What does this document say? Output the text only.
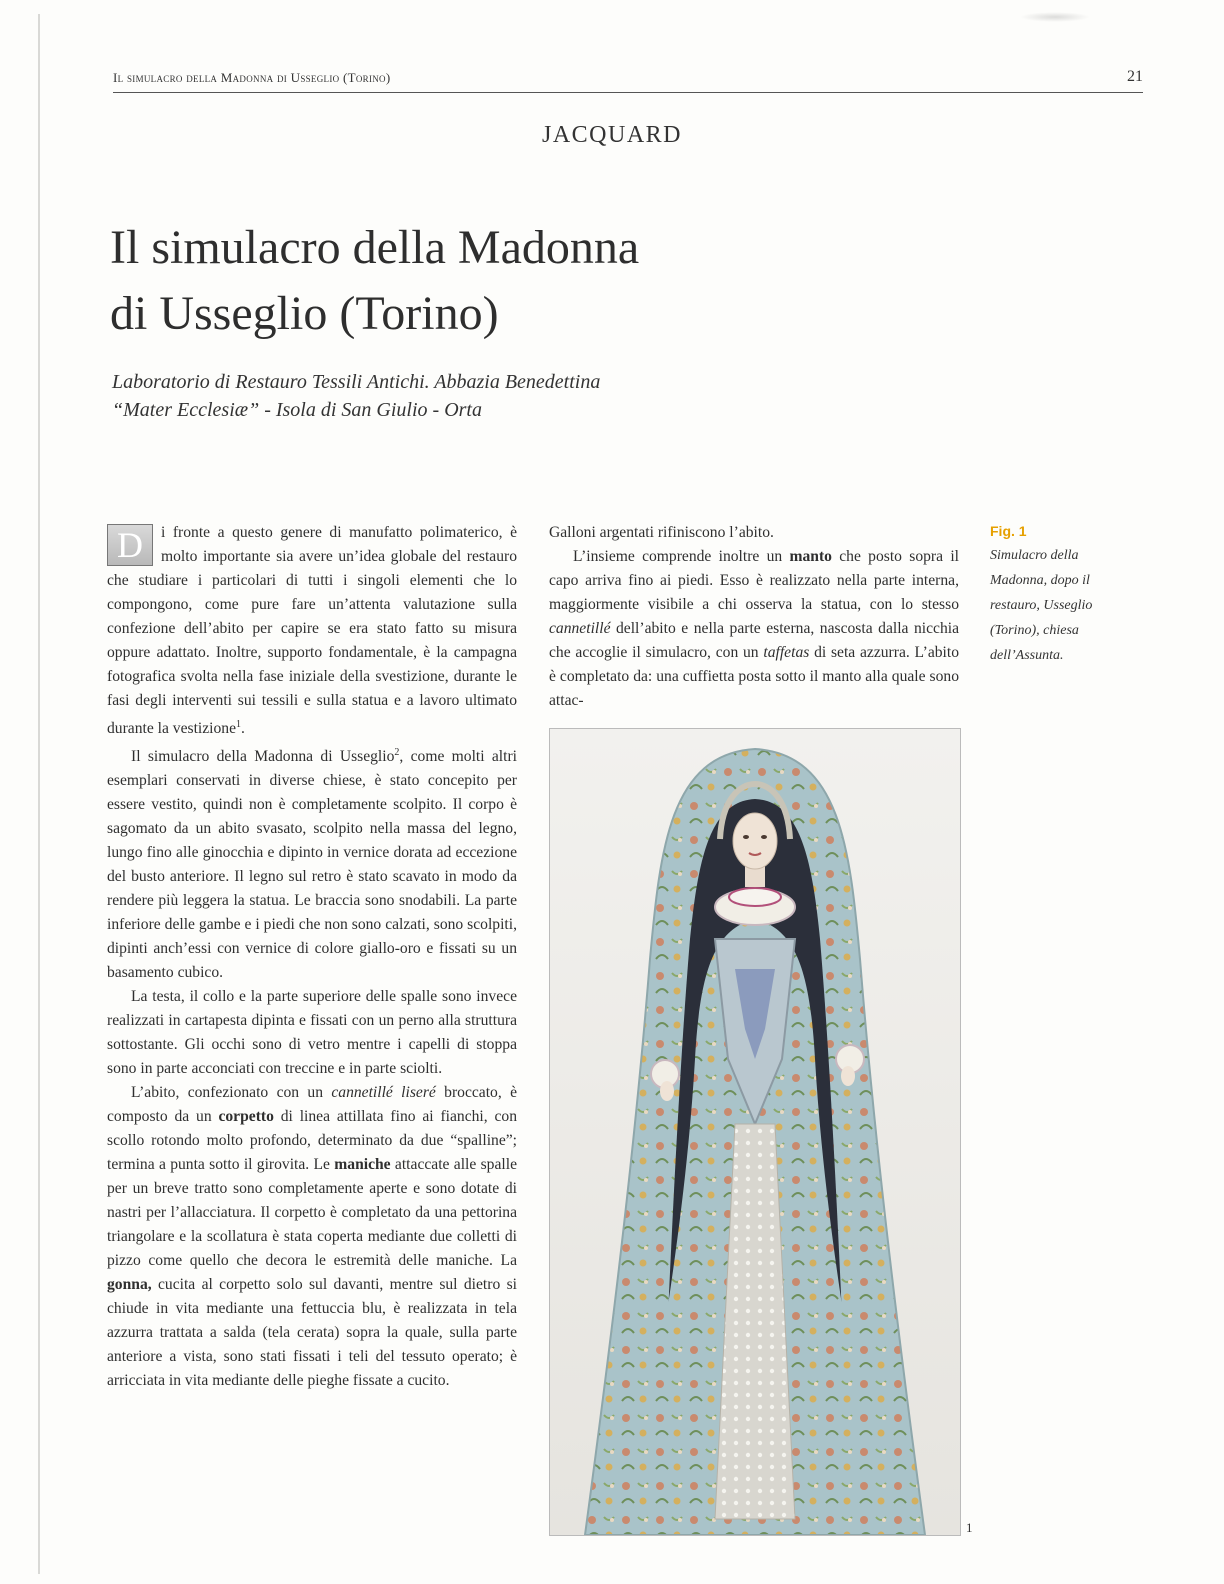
Il simulacro della Madonna di Usseglio (Torino)	21
JACQUARD
Il simulacro della Madonna
di Usseglio (Torino)
Laboratorio di Restauro Tessili Antichi. Abbazia Benedettina
“Mater Ecclesiæ” - Isola di San Giulio - Orta

D	i fronte a questo genere di manufatto polimaterico, è molto importante sia avere un’idea globale del restauro che studiare i particolari di tutti i singoli elementi che lo compongono, come pure fare un’attenta valutazione sulla confezione dell’abito per capire se era stato fatto su misura oppure adattato. Inoltre, supporto fondamentale, è la campagna fotografica svolta nella fase iniziale della svestizione, durante le fasi degli interventi sui tessili e sulla statua e a lavoro ultimato durante la vestizione$^1$.

Il simulacro della Madonna di Usseglio$^2$, come molti altri esemplari conservati in diverse chiese, è stato concepito per essere vestito, quindi non è completamente scolpito. Il corpo è sagomato da un abito svasato, scolpito nella massa del legno, lungo fino alle ginocchia e dipinto in vernice dorata ad eccezione del busto anteriore. Il legno sul retro è stato scavato in modo da rendere più leggera la statua. Le braccia sono snodabili. La parte inferiore delle gambe e i piedi che non sono calzati, sono scolpiti, dipinti anch’essi con vernice di colore giallo-oro e fissati su un basamento cubico.

La testa, il collo e la parte superiore delle spalle sono invece realizzati in cartapesta dipinta e fissati con un perno alla struttura sottostante. Gli occhi sono di vetro mentre i capelli di stoppa sono in parte acconciati con treccine e in parte sciolti.

L’abito, confezionato con un cannetillé liseré broccato, è composto da un corpetto di linea attillata fino ai fianchi, con scollo rotondo molto profondo, determinato da due “spalline”; termina a punta sotto il girovita. Le maniche attaccate alle spalle per un breve tratto sono completamente aperte e sono dotate di nastri per l’allacciatura. Il corpetto è completato da una pettorina triangolare e la scollatura è stata coperta mediante due colletti di pizzo come quello che decora le estremità delle maniche. La gonna, cucita al corpetto solo sul davanti, mentre sul dietro si chiude in vita mediante una fettuccia blu, è realizzata in tela azzurra trattata a salda (tela cerata) sopra la quale, sulla parte anteriore a vista, sono stati fissati i teli del tessuto operato; è arricciata in vita mediante delle pieghe fissate a cucito.

Galloni argentati rifiniscono l’abito.

L’insieme comprende inoltre un manto che posto sopra il capo arriva fino ai piedi. Esso è realizzato nella parte interna, maggiormente visibile a chi osserva la statua, con lo stesso cannetillé dell’abito e nella parte esterna, nascosta dalla nicchia che accoglie il simulacro, con un taffetas di seta azzurra. L’abito è completato da: una cuffietta posta sotto il manto alla quale sono attac-

Fig. 1
Simulacro della Madonna, dopo il restauro, Usseglio (Torino), chiesa dell’Assunta.
1
